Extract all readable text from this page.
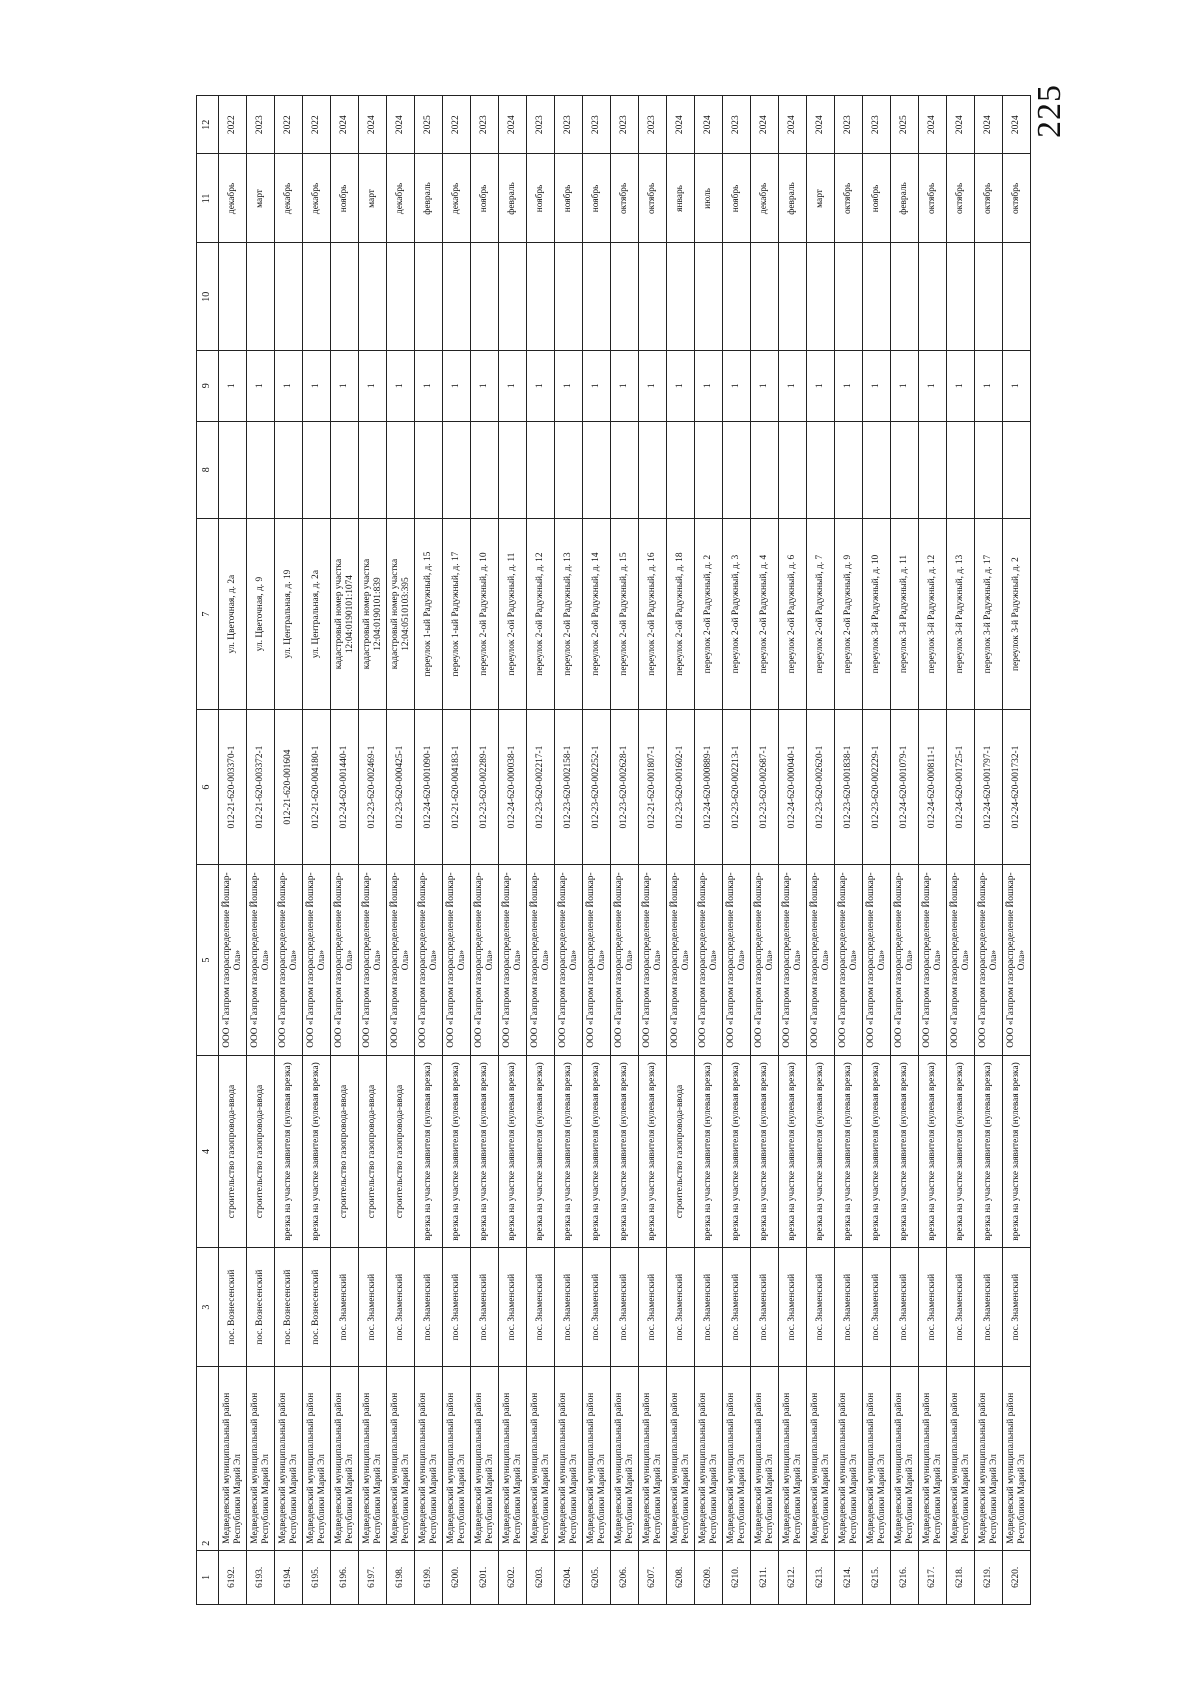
225
1	2	3	4	5	6	7	8	9	10	11	12
6192.	Медведевский муниципальный район Республики Марий Эл	пос. Вознесенский	строительство газопровода-ввода	ООО «Газпром газораспределение Йошкар-Ола»	012-21-620-003370-1	ул. Цветочная, д. 2а		1		декабрь	2022
6193.	Медведевский муниципальный район Республики Марий Эл	пос. Вознесенский	строительство газопровода-ввода	ООО «Газпром газораспределение Йошкар-Ола»	012-21-620-003372-1	ул. Цветочная, д. 9		1		март	2023
6194.	Медведевский муниципальный район Республики Марий Эл	пос. Вознесенский	врезка на участке заявителя (нулевая врезка)	ООО «Газпром газораспределение Йошкар-Ола»	012-21-620-001604	ул. Центральная, д. 19		1		декабрь	2022
6195.	Медведевский муниципальный район Республики Марий Эл	пос. Вознесенский	врезка на участке заявителя (нулевая врезка)	ООО «Газпром газораспределение Йошкар-Ола»	012-21-620-004180-1	ул. Центральная, д. 2а		1		декабрь	2022
6196.	Медведевский муниципальный район Республики Марий Эл	пос. Знаменский	строительство газопровода-ввода	ООО «Газпром газораспределение Йошкар-Ола»	012-24-620-001440-1	кадастровый номер участка 12:04:0190101:1074		1		ноябрь	2024
6197.	Медведевский муниципальный район Республики Марий Эл	пос. Знаменский	строительство газопровода-ввода	ООО «Газпром газораспределение Йошкар-Ола»	012-23-620-002469-1	кадастровый номер участка 12:04:0190101:839		1		март	2024
6198.	Медведевский муниципальный район Республики Марий Эл	пос. Знаменский	строительство газопровода-ввода	ООО «Газпром газораспределение Йошкар-Ола»	012-23-620-000425-1	кадастровый номер участка 12:04:0510103:395		1		декабрь	2024
6199.	Медведевский муниципальный район Республики Марий Эл	пос. Знаменский	врезка на участке заявителя (нулевая врезка)	ООО «Газпром газораспределение Йошкар-Ола»	012-24-620-001090-1	переулок 1-ый Радужный, д. 15		1		февраль	2025
6200.	Медведевский муниципальный район Республики Марий Эл	пос. Знаменский	врезка на участке заявителя (нулевая врезка)	ООО «Газпром газораспределение Йошкар-Ола»	012-21-620-004183-1	переулок 1-ый Радужный, д. 17		1		декабрь	2022
6201.	Медведевский муниципальный район Республики Марий Эл	пос. Знаменский	врезка на участке заявителя (нулевая врезка)	ООО «Газпром газораспределение Йошкар-Ола»	012-23-620-002289-1	переулок 2-ой Радужный, д. 10		1		ноябрь	2023
6202.	Медведевский муниципальный район Республики Марий Эл	пос. Знаменский	врезка на участке заявителя (нулевая врезка)	ООО «Газпром газораспределение Йошкар-Ола»	012-24-620-000038-1	переулок 2-ой Радужный, д. 11		1		февраль	2024
6203.	Медведевский муниципальный район Республики Марий Эл	пос. Знаменский	врезка на участке заявителя (нулевая врезка)	ООО «Газпром газораспределение Йошкар-Ола»	012-23-620-002217-1	переулок 2-ой Радужный, д. 12		1		ноябрь	2023
6204.	Медведевский муниципальный район Республики Марий Эл	пос. Знаменский	врезка на участке заявителя (нулевая врезка)	ООО «Газпром газораспределение Йошкар-Ола»	012-23-620-002158-1	переулок 2-ой Радужный, д. 13		1		ноябрь	2023
6205.	Медведевский муниципальный район Республики Марий Эл	пос. Знаменский	врезка на участке заявителя (нулевая врезка)	ООО «Газпром газораспределение Йошкар-Ола»	012-23-620-002252-1	переулок 2-ой Радужный, д. 14		1		ноябрь	2023
6206.	Медведевский муниципальный район Республики Марий Эл	пос. Знаменский	врезка на участке заявителя (нулевая врезка)	ООО «Газпром газораспределение Йошкар-Ола»	012-23-620-002628-1	переулок 2-ой Радужный, д. 15		1		октябрь	2023
6207.	Медведевский муниципальный район Республики Марий Эл	пос. Знаменский	врезка на участке заявителя (нулевая врезка)	ООО «Газпром газораспределение Йошкар-Ола»	012-21-620-001807-1	переулок 2-ой Радужный, д. 16		1		октябрь	2023
6208.	Медведевский муниципальный район Республики Марий Эл	пос. Знаменский	строительство газопровода-ввода	ООО «Газпром газораспределение Йошкар-Ола»	012-23-620-001602-1	переулок 2-ой Радужный, д. 18		1		январь	2024
6209.	Медведевский муниципальный район Республики Марий Эл	пос. Знаменский	врезка на участке заявителя (нулевая врезка)	ООО «Газпром газораспределение Йошкар-Ола»	012-24-620-000889-1	переулок 2-ой Радужный, д. 2		1		июль	2024
6210.	Медведевский муниципальный район Республики Марий Эл	пос. Знаменский	врезка на участке заявителя (нулевая врезка)	ООО «Газпром газораспределение Йошкар-Ола»	012-23-620-002213-1	переулок 2-ой Радужный, д. 3		1		ноябрь	2023
6211.	Медведевский муниципальный район Республики Марий Эл	пос. Знаменский	врезка на участке заявителя (нулевая врезка)	ООО «Газпром газораспределение Йошкар-Ола»	012-23-620-002687-1	переулок 2-ой Радужный, д. 4		1		декабрь	2024
6212.	Медведевский муниципальный район Республики Марий Эл	пос. Знаменский	врезка на участке заявителя (нулевая врезка)	ООО «Газпром газораспределение Йошкар-Ола»	012-24-620-000040-1	переулок 2-ой Радужный, д. 6		1		февраль	2024
6213.	Медведевский муниципальный район Республики Марий Эл	пос. Знаменский	врезка на участке заявителя (нулевая врезка)	ООО «Газпром газораспределение Йошкар-Ола»	012-23-620-002620-1	переулок 2-ой Радужный, д. 7		1		март	2024
6214.	Медведевский муниципальный район Республики Марий Эл	пос. Знаменский	врезка на участке заявителя (нулевая врезка)	ООО «Газпром газораспределение Йошкар-Ола»	012-23-620-001838-1	переулок 2-ой Радужный, д. 9		1		октябрь	2023
6215.	Медведевский муниципальный район Республики Марий Эл	пос. Знаменский	врезка на участке заявителя (нулевая врезка)	ООО «Газпром газораспределение Йошкар-Ола»	012-23-620-002229-1	переулок 3-й Радужный, д. 10		1		ноябрь	2023
6216.	Медведевский муниципальный район Республики Марий Эл	пос. Знаменский	врезка на участке заявителя (нулевая врезка)	ООО «Газпром газораспределение Йошкар-Ола»	012-24-620-001079-1	переулок 3-й Радужный, д. 11		1		февраль	2025
6217.	Медведевский муниципальный район Республики Марий Эл	пос. Знаменский	врезка на участке заявителя (нулевая врезка)	ООО «Газпром газораспределение Йошкар-Ола»	012-24-620-000811-1	переулок 3-й Радужный, д. 12		1		октябрь	2024
6218.	Медведевский муниципальный район Республики Марий Эл	пос. Знаменский	врезка на участке заявителя (нулевая врезка)	ООО «Газпром газораспределение Йошкар-Ола»	012-24-620-001725-1	переулок 3-й Радужный, д. 13		1		октябрь	2024
6219.	Медведевский муниципальный район Республики Марий Эл	пос. Знаменский	врезка на участке заявителя (нулевая врезка)	ООО «Газпром газораспределение Йошкар-Ола»	012-24-620-001797-1	переулок 3-й Радужный, д. 17		1		октябрь	2024
6220.	Медведевский муниципальный район Республики Марий Эл	пос. Знаменский	врезка на участке заявителя (нулевая врезка)	ООО «Газпром газораспределение Йошкар-Ола»	012-24-620-001732-1	переулок 3-й Радужный, д. 2		1		октябрь	2024
